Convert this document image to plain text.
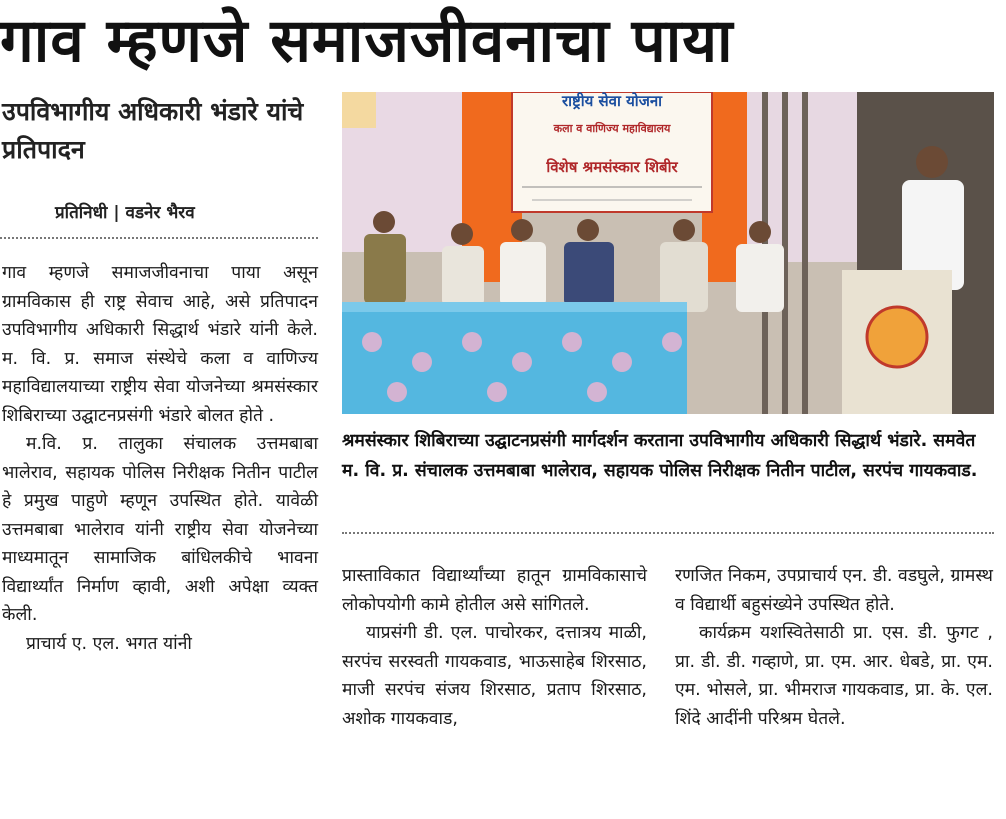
गाव म्हणजे समाजजीवनाचा पाया
उपविभागीय अधिकारी भंडारे यांचे प्रतिपादन
प्रतिनिधी | वडनेर भैरव

गाव म्हणजे समाजजीवनाचा पाया असून ग्रामविकास ही राष्ट्र सेवाच आहे, असे प्रतिपादन उपविभागीय अधिकारी सिद्धार्थ भंडारे यांनी केले. म. वि. प्र. समाज संस्थेचे कला व वाणिज्य महाविद्यालयाच्या राष्ट्रीय सेवा योजनेच्या श्रमसंस्कार शिबिराच्या उद्घाटनप्रसंगी भंडारे बोलत होते .

म.वि. प्र. तालुका संचालक उत्तमबाबा भालेराव, सहायक पोलिस निरीक्षक नितीन पाटील हे प्रमुख पाहुणे म्हणून उपस्थित होते. यावेळी उत्तमबाबा भालेराव यांनी राष्ट्रीय सेवा योजनेच्या माध्यमातून सामाजिक बांधिलकीचे भावना विद्यार्थ्यांत निर्माण व्हावी, अशी अपेक्षा व्यक्त केली.

प्राचार्य ए. एल. भगत यांनी

राष्ट्रीय सेवा योजना
कला व वाणिज्य महाविद्यालय
विशेष श्रमसंस्कार शिबीर
श्रमसंस्कार शिबिराच्या उद्घाटनप्रसंगी मार्गदर्शन करताना उपविभागीय अधिकारी सिद्धार्थ भंडारे. समवेत म. वि. प्र. संचालक उत्तमबाबा भालेराव, सहायक पोलिस निरीक्षक नितीन पाटील, सरपंच गायकवाड.

प्रास्ताविकात विद्यार्थ्यांच्या हातून ग्रामविकासाचे लोकोपयोगी कामे होतील असे सांगितले.

याप्रसंगी डी. एल. पाचोरकर, दत्तात्रय माळी, सरपंच सरस्वती गायकवाड, भाऊसाहेब शिरसाठ, माजी सरपंच संजय शिरसाठ, प्रताप शिरसाठ, अशोक गायकवाड,

रणजित निकम, उपप्राचार्य एन. डी. वडघुले, ग्रामस्थ व विद्यार्थी बहुसंख्येने उपस्थित होते.

कार्यक्रम यशस्वितेसाठी प्रा. एस. डी. फुगट , प्रा. डी. डी. गव्हाणे, प्रा. एम. आर. धेबडे, प्रा. एम. एम. भोसले, प्रा. भीमराज गायकवाड, प्रा. के. एल. शिंदे आदींनी परिश्रम घेतले.
